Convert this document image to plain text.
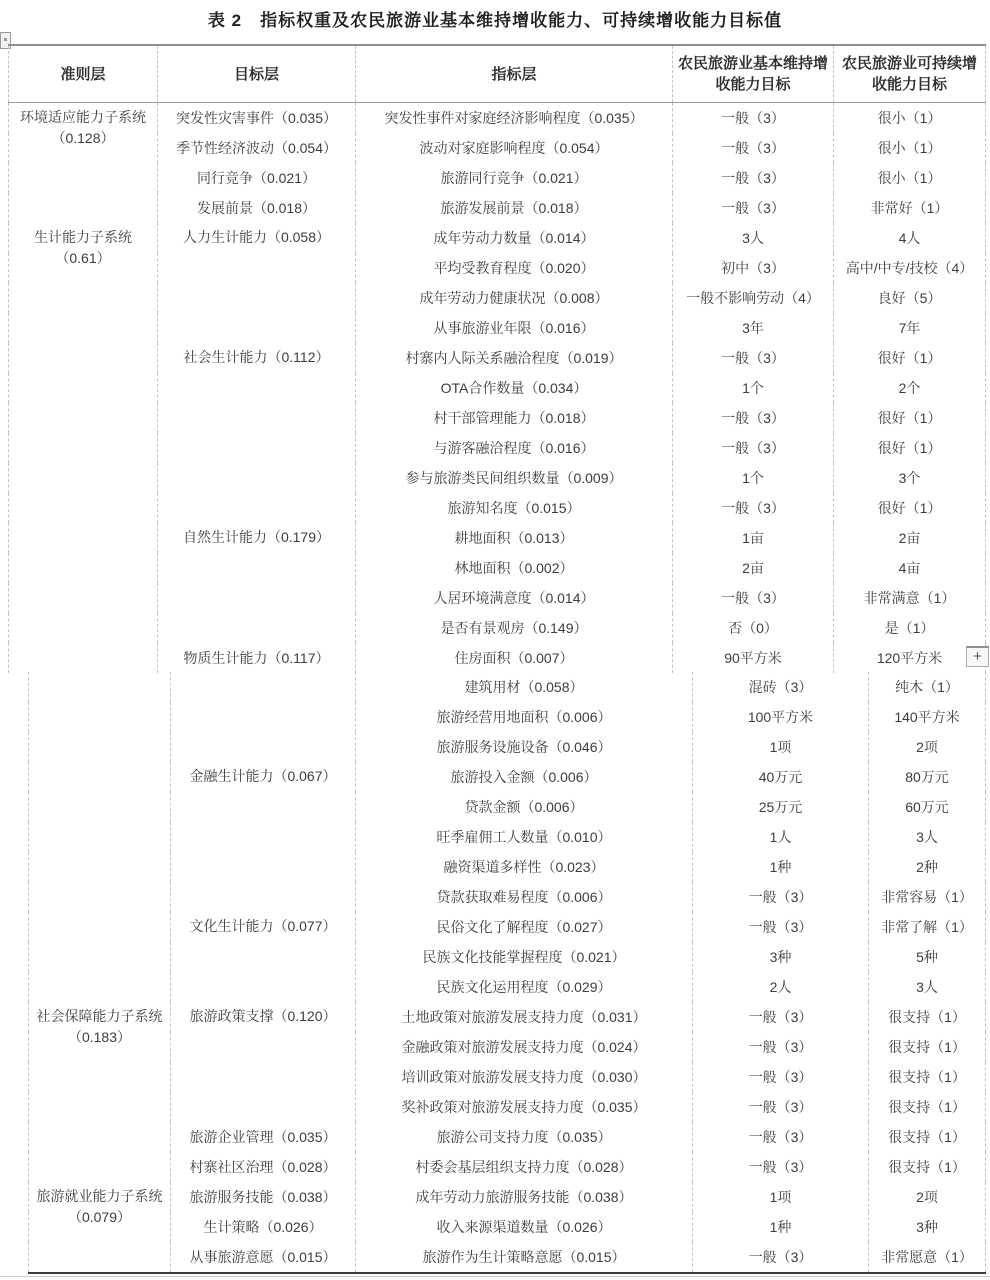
表 2　指标权重及农民旅游业基本维持增收能力、可持续增收能力目标值
准则层	目标层	指标层	农民旅游业基本维持增收能力目标	农民旅游业可持续增收能力目标
环境适应能力子系统（0.128）	突发性灾害事件（0.035）	突发性事件对家庭经济影响程度（0.035）	一般（3）	很小（1）
	季节性经济波动（0.054）	波动对家庭影响程度（0.054）	一般（3）	很小（1）
	同行竞争（0.021）	旅游同行竞争（0.021）	一般（3）	很小（1）
	发展前景（0.018）	旅游发展前景（0.018）	一般（3）	非常好（1）
生计能力子系统（0.61）	人力生计能力（0.058）	成年劳动力数量（0.014）	3人	4人
		平均受教育程度（0.020）	初中（3）	高中/中专/技校（4）
		成年劳动力健康状况（0.008）	一般不影响劳动（4）	良好（5）
		从事旅游业年限（0.016）	3年	7年
	社会生计能力（0.112）	村寨内人际关系融洽程度（0.019）	一般（3）	很好（1）
		OTA合作数量（0.034）	1个	2个
		村干部管理能力（0.018）	一般（3）	很好（1）
		与游客融洽程度（0.016）	一般（3）	很好（1）
		参与旅游类民间组织数量（0.009）	1个	3个
		旅游知名度（0.015）	一般（3）	很好（1）
	自然生计能力（0.179）	耕地面积（0.013）	1亩	2亩
		林地面积（0.002）	2亩	4亩
		人居环境满意度（0.014）	一般（3）	非常满意（1）
		是否有景观房（0.149）	否（0）	是（1）
	物质生计能力（0.117）	住房面积（0.007）	90平方米	120平方米
		建筑用材（0.058）	混砖（3）	纯木（1）
		旅游经营用地面积（0.006）	100平方米	140平方米
		旅游服务设施设备（0.046）	1项	2项
	金融生计能力（0.067）	旅游投入金额（0.006）	40万元	80万元
		贷款金额（0.006）	25万元	60万元
		旺季雇佣工人数量（0.010）	1人	3人
		融资渠道多样性（0.023）	1种	2种
		贷款获取难易程度（0.006）	一般（3）	非常容易（1）
	文化生计能力（0.077）	民俗文化了解程度（0.027）	一般（3）	非常了解（1）
		民族文化技能掌握程度（0.021）	3种	5种
		民族文化运用程度（0.029）	2人	3人
社会保障能力子系统（0.183）	旅游政策支撑（0.120）	土地政策对旅游发展支持力度（0.031）	一般（3）	很支持（1）
		金融政策对旅游发展支持力度（0.024）	一般（3）	很支持（1）
		培训政策对旅游发展支持力度（0.030）	一般（3）	很支持（1）
		奖补政策对旅游发展支持力度（0.035）	一般（3）	很支持（1）
	旅游企业管理（0.035）	旅游公司支持力度（0.035）	一般（3）	很支持（1）
	村寨社区治理（0.028）	村委会基层组织支持力度（0.028）	一般（3）	很支持（1）
旅游就业能力子系统（0.079）	旅游服务技能（0.038）	成年劳动力旅游服务技能（0.038）	1项	2项
	生计策略（0.026）	收入来源渠道数量（0.026）	1种	3种
	从事旅游意愿（0.015）	旅游作为生计策略意愿（0.015）	一般（3）	非常愿意（1）
+
